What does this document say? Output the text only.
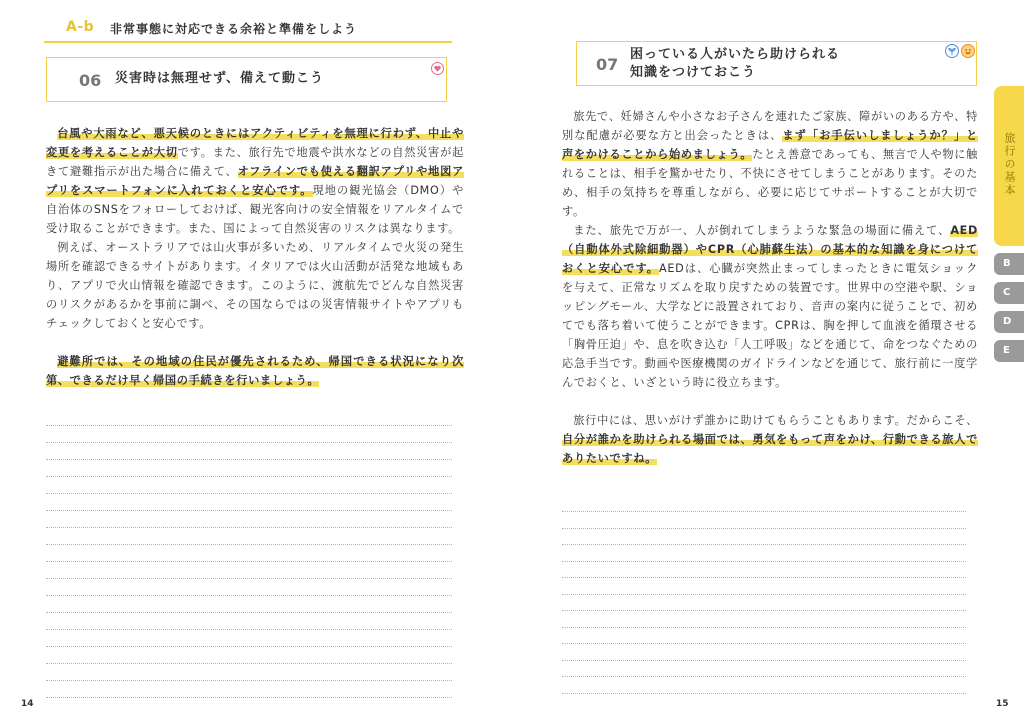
A-b 非常事態に対応できる余裕と準備をしよう
06 災害時は無理せず、備えて動こう
台風や大雨など、悪天候のときにはアクティビティを無理に行わず、中止や変更を考えることが大切です。また、旅行先で地震や洪水などの自然災害が起きて避難指示が出た場合に備えて、オフラインでも使える翻訳アプリや地図アプリをスマートフォンに入れておくと安心です。現地の観光協会（DMO）や自治体のSNSをフォローしておけば、観光客向けの安全情報をリアルタイムで受け取ることができます。また、国によって自然災害のリスクは異なります。
例えば、オーストラリアでは山火事が多いため、リアルタイムで火災の発生場所を確認できるサイトがあります。イタリアでは火山活動が活発な地域もあり、アプリで火山情報を確認できます。このように、渡航先でどんな自然災害のリスクがあるかを事前に調べ、その国ならではの災害情報サイトやアプリもチェックしておくと安心です。
避難所では、その地域の住民が優先されるため、帰国できる状況になり次第、できるだけ早く帰国の手続きを行いましょう。
14
07
困っている人がいたら助けられる
知識をつけておこう
旅先で、妊婦さんや小さなお子さんを連れたご家族、障がいのある方や、特別な配慮が必要な方と出会ったときは、まず「お手伝いしましょうか？」と声をかけることから始めましょう。たとえ善意であっても、無言で人や物に触れることは、相手を驚かせたり、不快にさせてしまうことがあります。そのため、相手の気持ちを尊重しながら、必要に応じてサポートすることが大切です。
また、旅先で万が一、人が倒れてしまうような緊急の場面に備えて、AED（自動体外式除細動器）やCPR（心肺蘇生法）の基本的な知識を身につけておくと安心です。AEDは、心臓が突然止まってしまったときに電気ショックを与えて、正常なリズムを取り戻すための装置です。世界中の空港や駅、ショッピングモール、大学などに設置されており、音声の案内に従うことで、初めてでも落ち着いて使うことができます。CPRは、胸を押して血液を循環させる「胸骨圧迫」や、息を吹き込む「人工呼吸」などを通じて、命をつなぐための応急手当です。動画や医療機関のガイドラインなどを通じて、旅行前に一度学んでおくと、いざという時に役立ちます。
旅行中には、思いがけず誰かに助けてもらうこともあります。だからこそ、自分が誰かを助けられる場面では、勇気をもって声をかけ、行動できる旅人でありたいですね。
15
旅行の基本
B
C
D
E
